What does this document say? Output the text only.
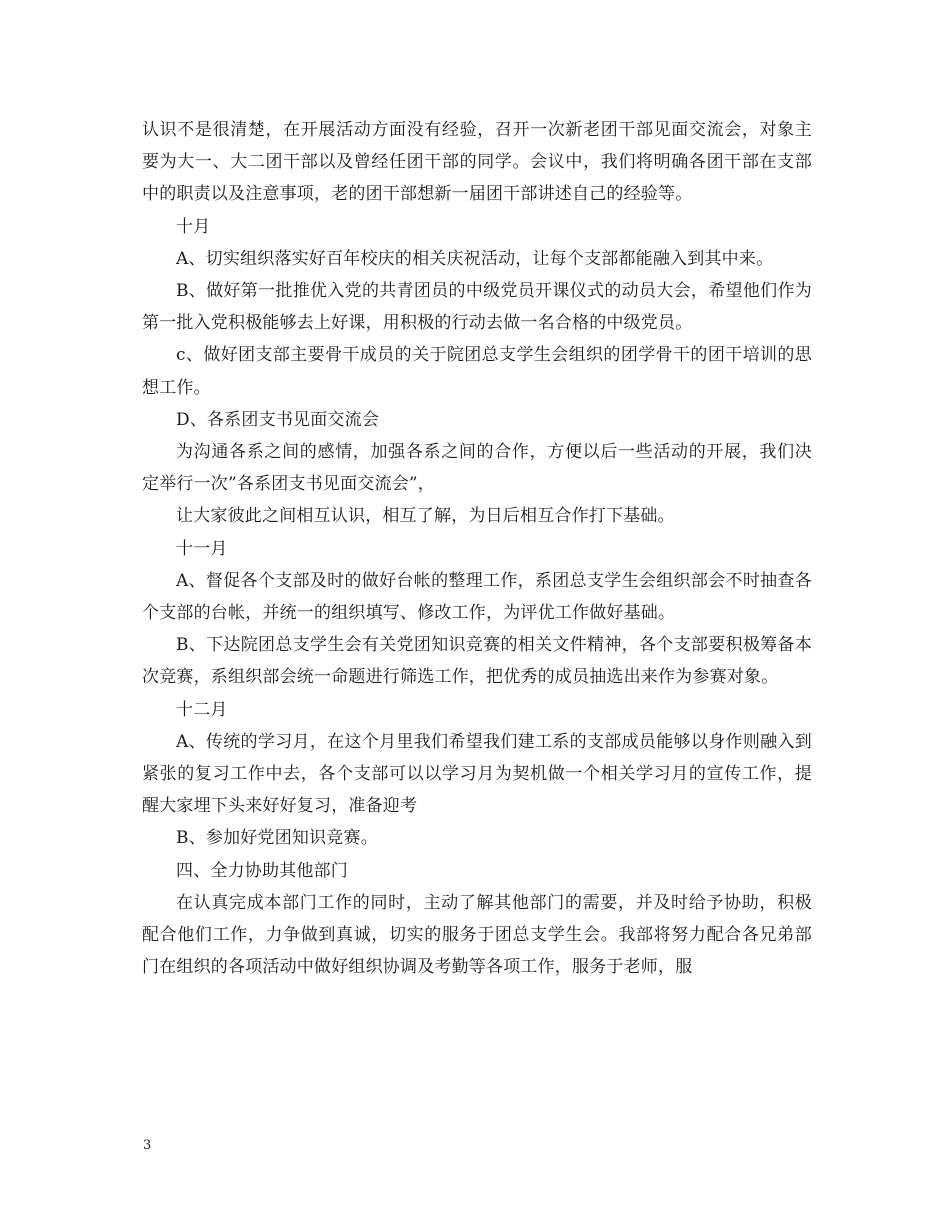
认识不是很清楚，在开展活动方面没有经验，召开一次新老团干部见面交流会，对象主要为大一、大二团干部以及曾经任团干部的同学。会议中，我们将明确各团干部在支部中的职责以及注意事项，老的团干部想新一届团干部讲述自己的经验等。

十月

A、切实组织落实好百年校庆的相关庆祝活动，让每个支部都能融入到其中来。

B、做好第一批推优入党的共青团员的中级党员开课仪式的动员大会，希望他们作为第一批入党积极能够去上好课，用积极的行动去做一名合格的中级党员。

c、做好团支部主要骨干成员的关于院团总支学生会组织的团学骨干的团干培训的思想工作。

D、各系团支书见面交流会

为沟通各系之间的感情，加强各系之间的合作，方便以后一些活动的开展，我们决定举行一次”各系团支书见面交流会”，

让大家彼此之间相互认识，相互了解，为日后相互合作打下基础。

十一月

A、督促各个支部及时的做好台帐的整理工作，系团总支学生会组织部会不时抽查各个支部的台帐，并统一的组织填写、修改工作，为评优工作做好基础。

B、下达院团总支学生会有关党团知识竞赛的相关文件精神，各个支部要积极筹备本次竞赛，系组织部会统一命题进行筛选工作，把优秀的成员抽选出来作为参赛对象。

十二月

A、传统的学习月，在这个月里我们希望我们建工系的支部成员能够以身作则融入到紧张的复习工作中去，各个支部可以以学习月为契机做一个相关学习月的宣传工作，提醒大家埋下头来好好复习，准备迎考

B、参加好党团知识竞赛。

四、全力协助其他部门

在认真完成本部门工作的同时，主动了解其他部门的需要，并及时给予协助，积极配合他们工作，力争做到真诚，切实的服务于团总支学生会。我部将努力配合各兄弟部门在组织的各项活动中做好组织协调及考勤等各项工作，服务于老师，服

3
